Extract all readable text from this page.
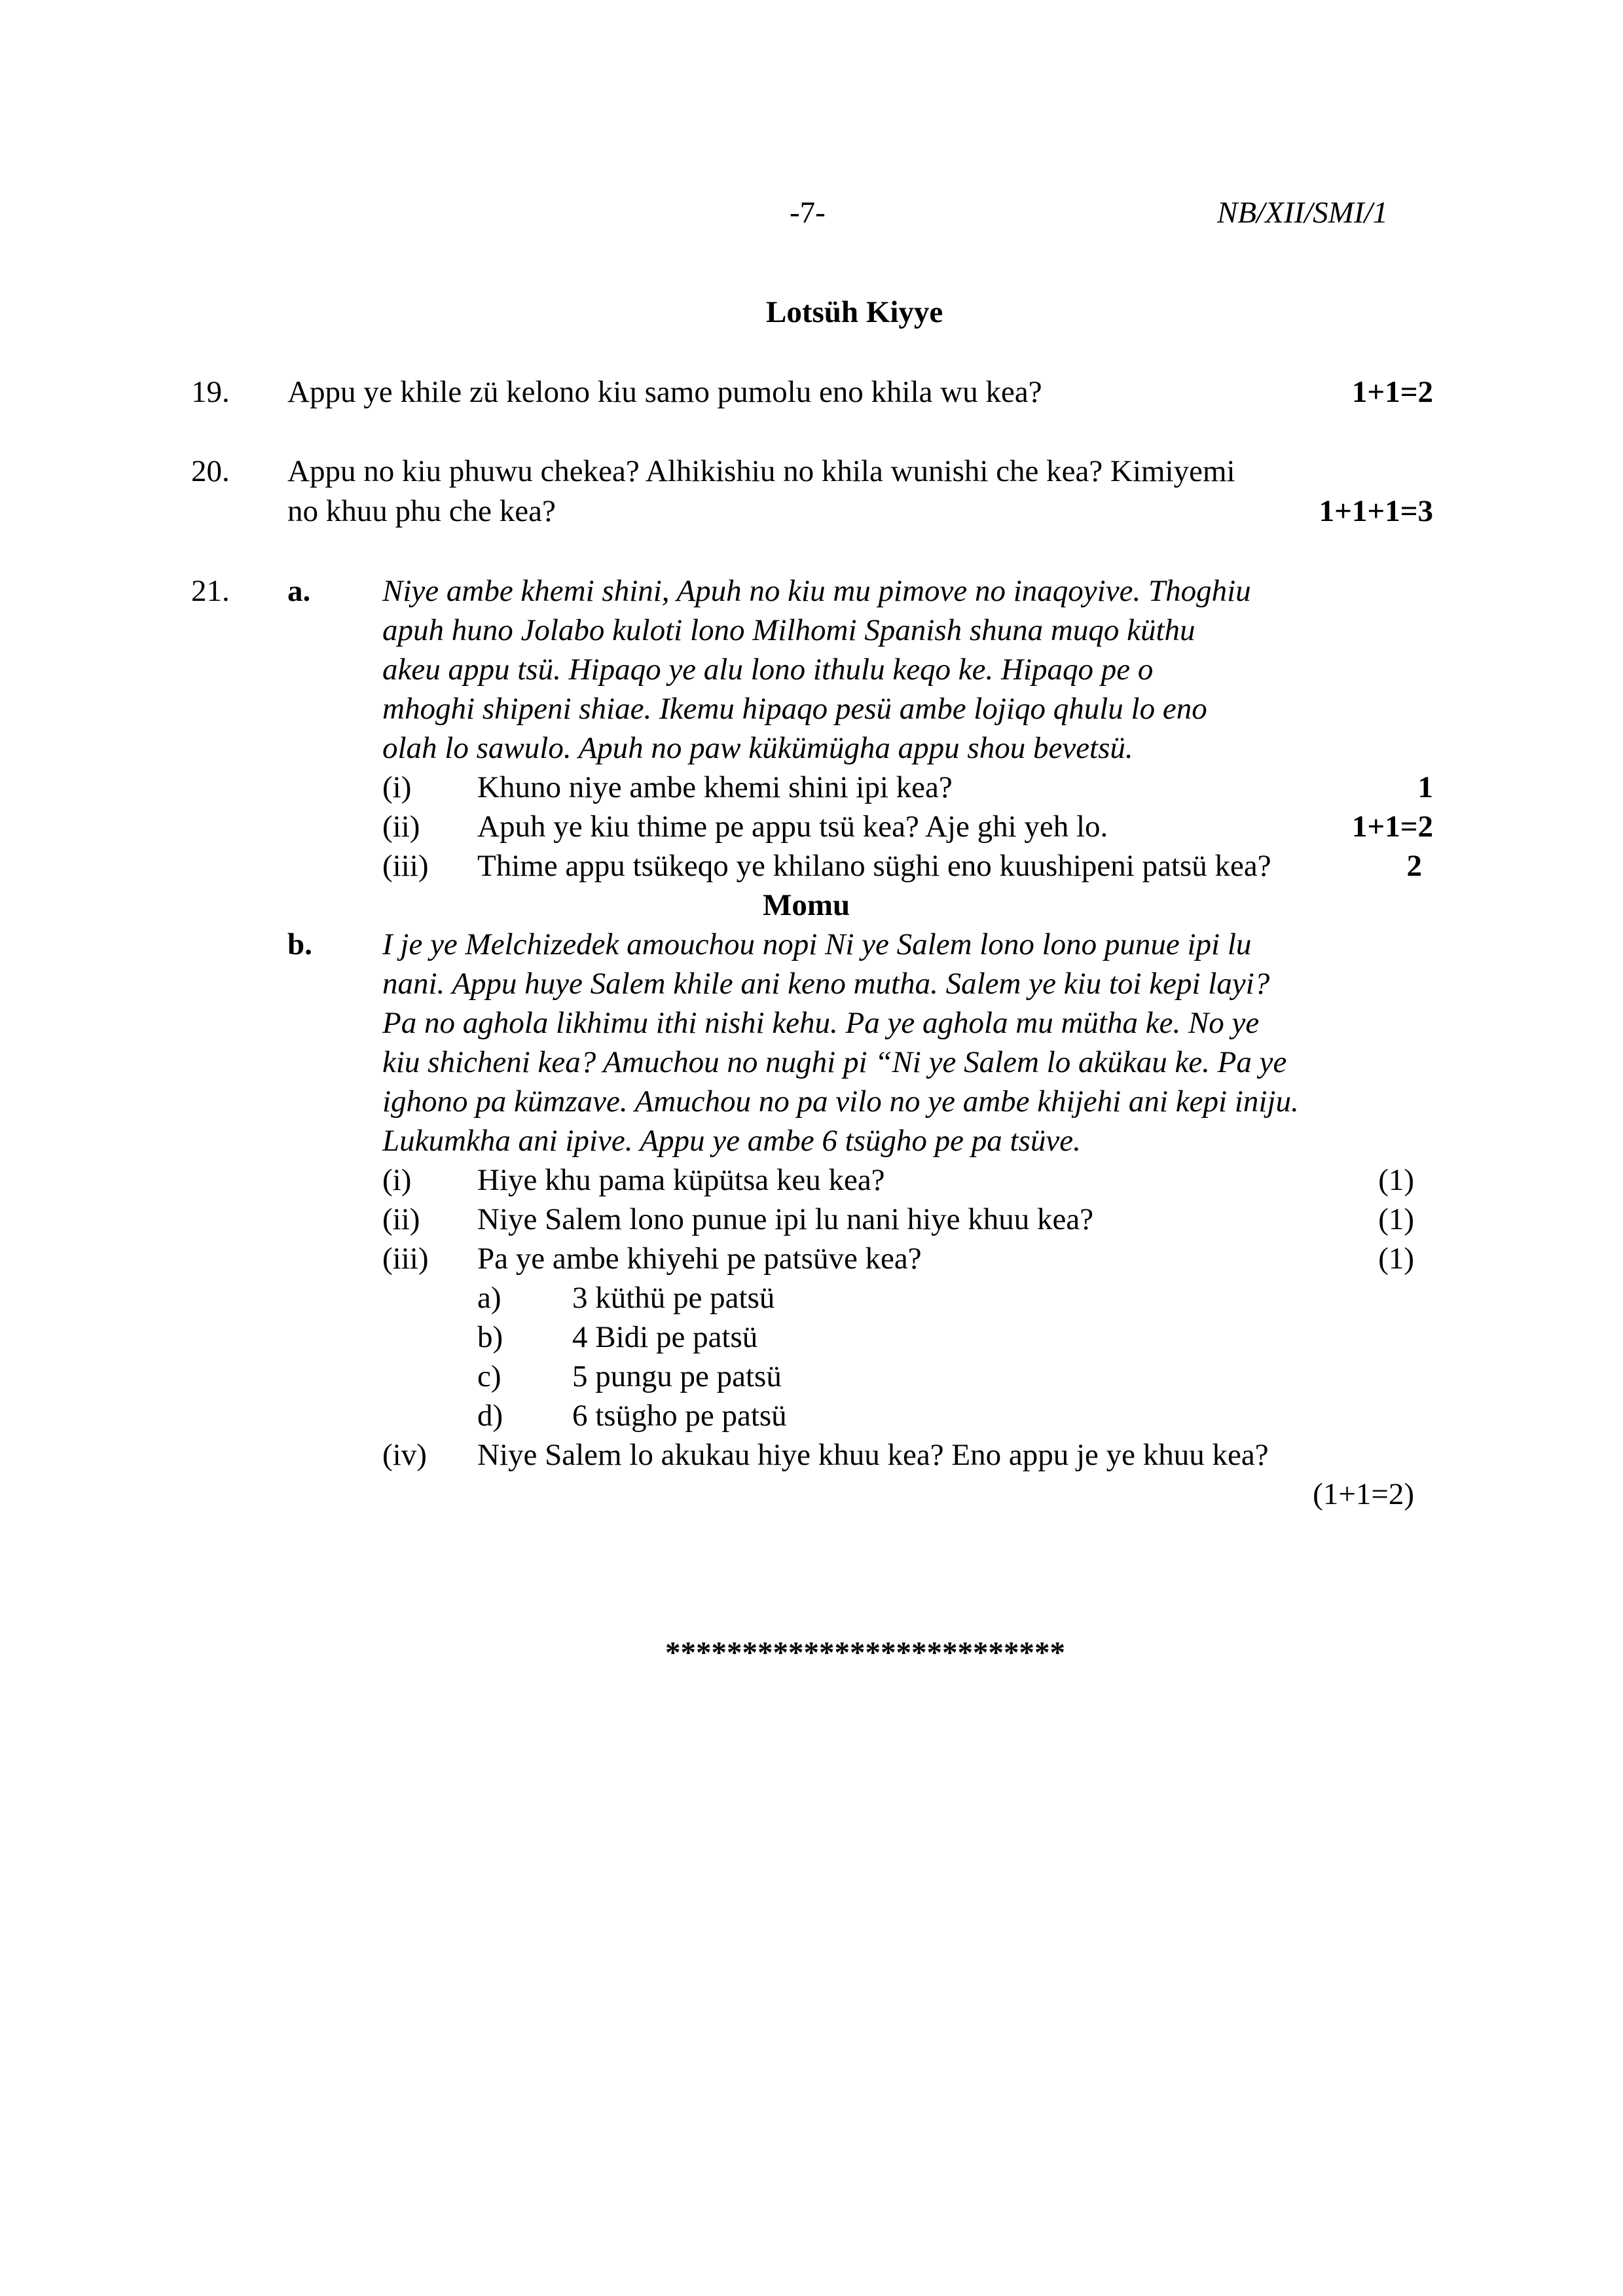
-7-	NB/XII/SMI/1
Lotsüh Kiyye
19. Appu ye khile zü kelono kiu samo pumolu eno khila wu kea?	1+1=2
20. Appu no kiu phuwu chekea? Alhikishiu no khila wunishi che kea? Kimiyemi
no khuu phu che kea?	1+1+1=3
21. a. Niye ambe khemi shini, Apuh no kiu mu pimove no inaqoyive. Thoghiu
apuh huno Jolabo kuloti lono Milhomi Spanish shuna muqo küthu
akeu appu tsü. Hipaqo ye alu lono ithulu keqo ke. Hipaqo pe o
mhoghi shipeni shiae. Ikemu hipaqo pesü ambe lojiqo qhulu lo eno
olah lo sawulo. Apuh no paw kükümügha appu shou bevetsü.
(i) Khuno niye ambe khemi shini ipi kea?	1
(ii) Apuh ye kiu thime pe appu tsü kea? Aje ghi yeh lo.	1+1=2
(iii) Thime appu tsükeqo ye khilano süghi eno kuushipeni patsü kea?	2
Momu
b. I je ye Melchizedek amouchou nopi Ni ye Salem lono lono punue ipi lu
nani. Appu huye Salem khile ani keno mutha. Salem ye kiu toi kepi layi?
Pa no aghola likhimu ithi nishi kehu. Pa ye aghola mu mütha ke. No ye
kiu shicheni kea? Amuchou no nughi pi “Ni ye Salem lo akükau ke. Pa ye
ighono pa kümzave. Amuchou no pa vilo no ye ambe khijehi ani kepi iniju.
Lukumkha ani ipive. Appu ye ambe 6 tsügho pe pa tsüve.
(i) Hiye khu pama küpütsa keu kea?	(1)
(ii) Niye Salem lono punue ipi lu nani hiye khuu kea?	(1)
(iii) Pa ye ambe khiyehi pe patsüve kea?	(1)
a) 3 küthü pe patsü
b) 4 Bidi pe patsü
c) 5 pungu pe patsü
d) 6 tsügho pe patsü
(iv) Niye Salem lo akukau hiye khuu kea? Eno appu je ye khuu kea?
(1+1=2)
**************************
